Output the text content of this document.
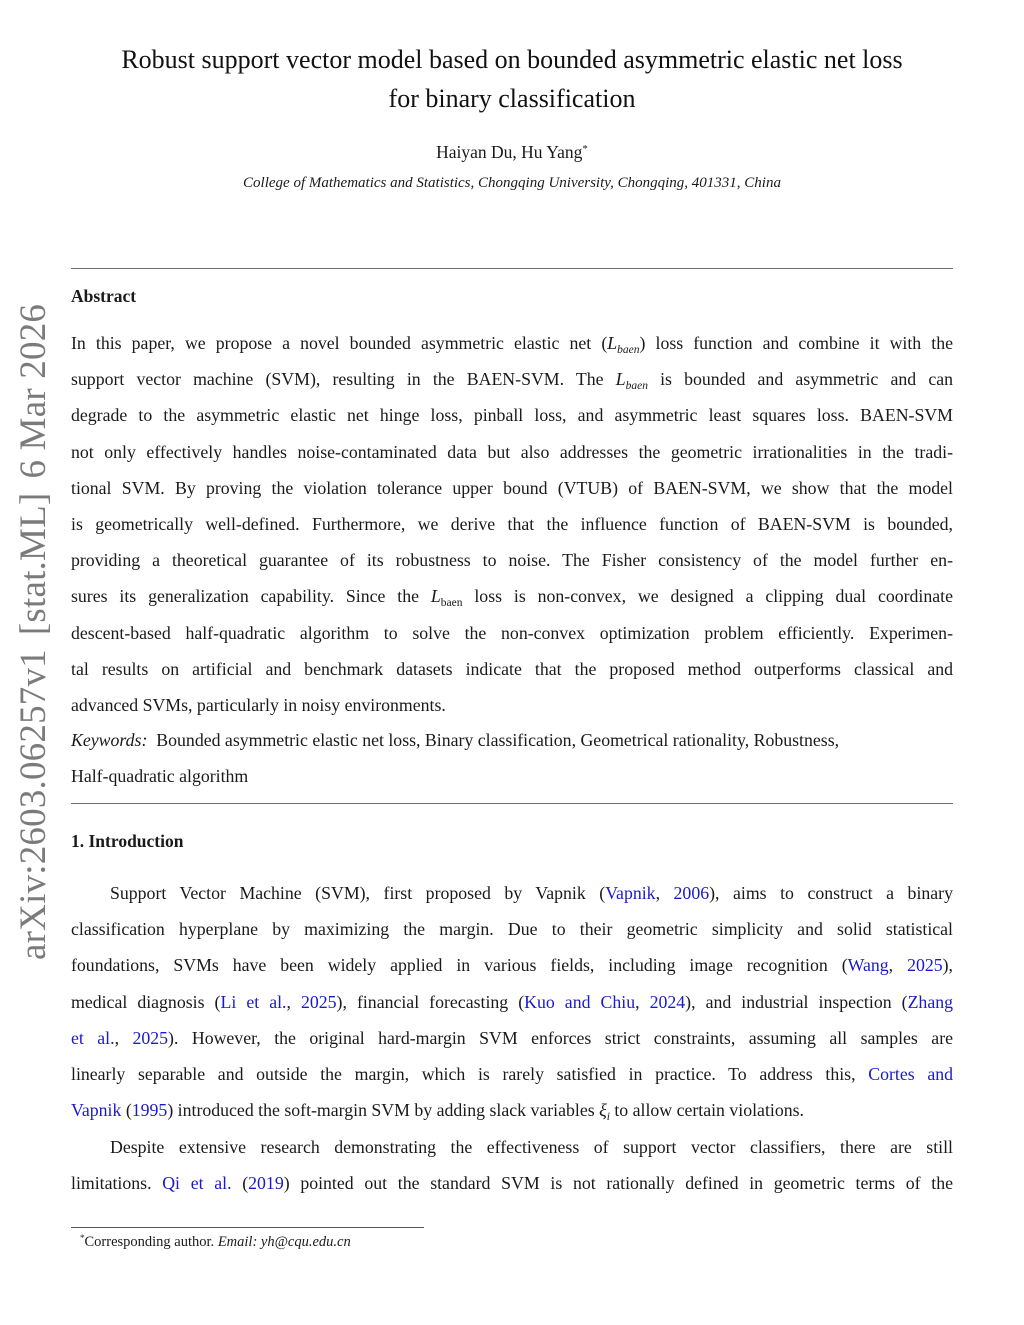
arXiv:2603.06257v1[stat.ML]6 Mar 2026
Robust support vector model based on bounded asymmetric elastic net loss
for binary classification
Haiyan Du, Hu Yang*
College of Mathematics and Statistics, Chongqing University, Chongqing, 401331, China
Abstract
In this paper, we propose a novel bounded asymmetric elastic net $(L_{baen})$ loss function and combine it with the
support vector machine (SVM), resulting in the BAEN-SVM. The $L_{baen}$ is bounded and asymmetric and can
degrade to the asymmetric elastic net hinge loss, pinball loss, and asymmetric least squares loss. BAEN-SVM
not only effectively handles noise-contaminated data but also addresses the geometric irrationalities in the tradi-
tional SVM. By proving the violation tolerance upper bound (VTUB) of BAEN-SVM, we show that the model
is geometrically well-defined. Furthermore, we derive that the influence function of BAEN-SVM is bounded,
providing a theoretical guarantee of its robustness to noise. The Fisher consistency of the model further en-
sures its generalization capability. Since the $L_{baen}$ loss is non-convex, we designed a clipping dual coordinate
descent-based half-quadratic algorithm to solve the non-convex optimization problem efficiently. Experimen-
tal results on artificial and benchmark datasets indicate that the proposed method outperforms classical and
advanced SVMs, particularly in noisy environments.
Keywords: Bounded asymmetric elastic net loss, Binary classification, Geometrical rationality, Robustness,
Half-quadratic algorithm
1. Introduction
Support Vector Machine (SVM), first proposed by Vapnik (Vapnik, 2006), aims to construct a binary
classification hyperplane by maximizing the margin. Due to their geometric simplicity and solid statistical
foundations, SVMs have been widely applied in various fields, including image recognition (Wang, 2025),
medical diagnosis (Li et al., 2025), financial forecasting (Kuo and Chiu, 2024), and industrial inspection (Zhang
et al., 2025). However, the original hard-margin SVM enforces strict constraints, assuming all samples are
linearly separable and outside the margin, which is rarely satisfied in practice. To address this, Cortes and
Vapnik (1995) introduced the soft-margin SVM by adding slack variables $\xi_i$ to allow certain violations.
Despite extensive research demonstrating the effectiveness of support vector classifiers, there are still
limitations. Qi et al. (2019) pointed out the standard SVM is not rationally defined in geometric terms of the
*Corresponding author. Email: yh@cqu.edu.cn
